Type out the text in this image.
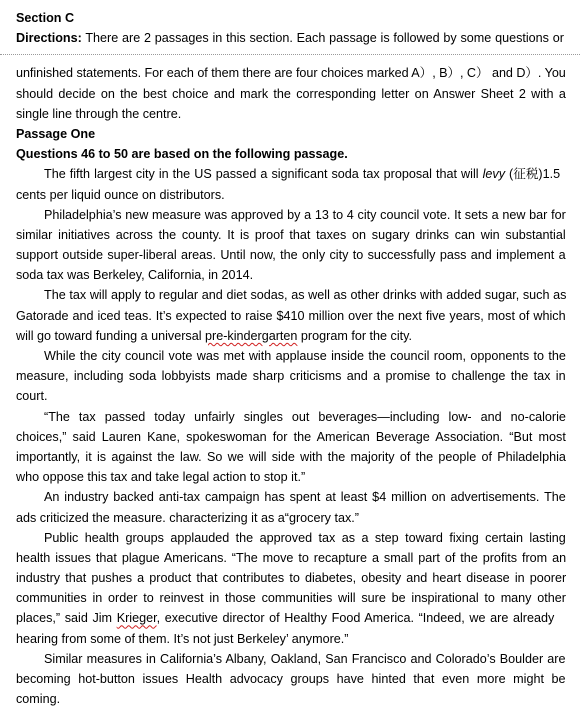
Section C
Directions: There are 2 passages in this section. Each passage is followed by some questions or
unfinished statements. For each of them there are four choices marked A）, B）, C） and D）. You
should decide on the best choice and mark the corresponding letter on Answer Sheet 2 with a
single line through the centre.
Passage One
Questions 46 to 50 are based on the following passage.
The fifth largest city in the US passed a significant soda tax proposal that will levy (征税)1.5
cents per liquid ounce on distributors.
Philadelphia’s new measure was approved by a 13 to 4 city council vote. It sets a new bar for
similar initiatives across the county. It is proof that taxes on sugary drinks can win substantial
support outside super-liberal areas. Until now, the only city to successfully pass and implement a
soda tax was Berkeley, California, in 2014.
The tax will apply to regular and diet sodas, as well as other drinks with added sugar, such as
Gatorade and iced teas. It’s expected to raise $410 million over the next five years, most of which
will go toward funding a universal pre-kindergarten program for the city.
While the city council vote was met with applause inside the council room, opponents to the
measure, including soda lobbyists made sharp criticisms and a promise to challenge the tax in
court.
“The tax passed today unfairly singles out beverages—including low- and no-calorie
choices,” said Lauren Kane, spokeswoman for the American Beverage Association. “But most
importantly, it is against the law. So we will side with the majority of the people of Philadelphia
who oppose this tax and take legal action to stop it.”
An industry backed anti-tax campaign has spent at least $4 million on advertisements. The
ads criticized the measure. characterizing it as a“grocery tax.”
Public health groups applauded the approved tax as a step toward fixing certain lasting
health issues that plague Americans. “The move to recapture a small part of the profits from an
industry that pushes a product that contributes to diabetes, obesity and heart disease in poorer
communities in order to reinvest in those communities will sure be inspirational to many other
places,” said Jim Krieger, executive director of Healthy Food America. “Indeed, we are already
hearing from some of them. It’s not just Berkeley’ anymore.”
Similar measures in California’s Albany, Oakland, San Francisco and Colorado’s Boulder are
becoming hot-button issues Health advocacy groups have hinted that even more might be
coming.
